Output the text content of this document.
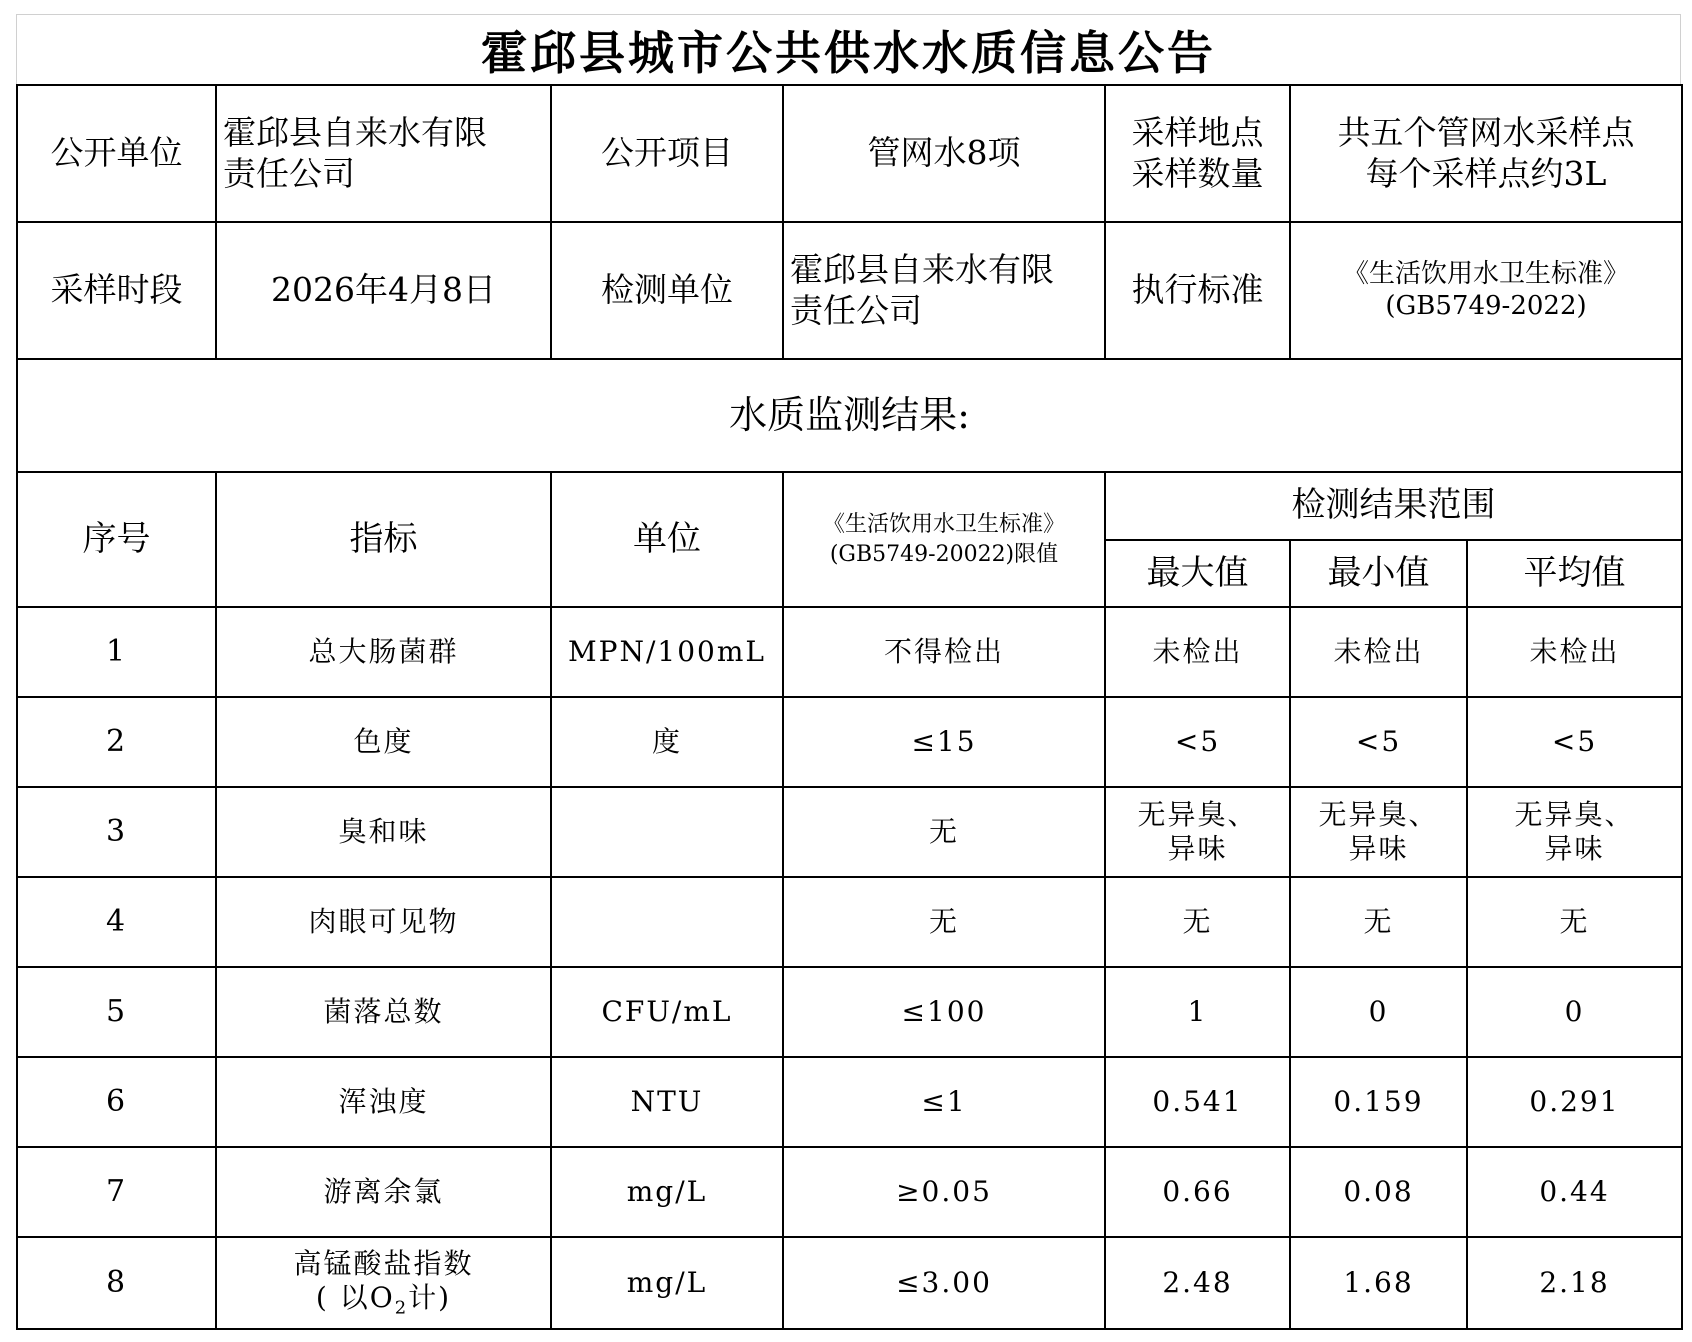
霍邱县城市公共供水水质信息公告
公开单位	霍邱县自来水有限
责任公司	公开项目	管网水8项	采样地点
采样数量	共五个管网水采样点
每个采样点约3L	
采样时段	2026年4月8日	检测单位	霍邱县自来水有限
责任公司	执行标准	《生活饮用水卫生标准》
(GB5749-2022)	
水质监测结果:						
序号	指标	单位	《生活饮用水卫生标准》
(GB5749-20022)限值	检测结果范围		
				最大值	最小值	平均值
1	总大肠菌群	MPN/100mL	不得检出	未检出	未检出	未检出
2	色度	度	≤15	<5	<5	<5
3	臭和味		无	无异臭、
异味	无异臭、
异味	无异臭、
异味
4	肉眼可见物		无	无	无	无
5	菌落总数	CFU/mL	≤100	1	0	0
6	浑浊度	NTU	≤1	0.541	0.159	0.291
7	游离余氯	mg/L	≥0.05	0.66	0.08	0.44
8	高锰酸盐指数
( 以$O_2$计)	mg/L	≤3.00	2.48	1.68	2.18
